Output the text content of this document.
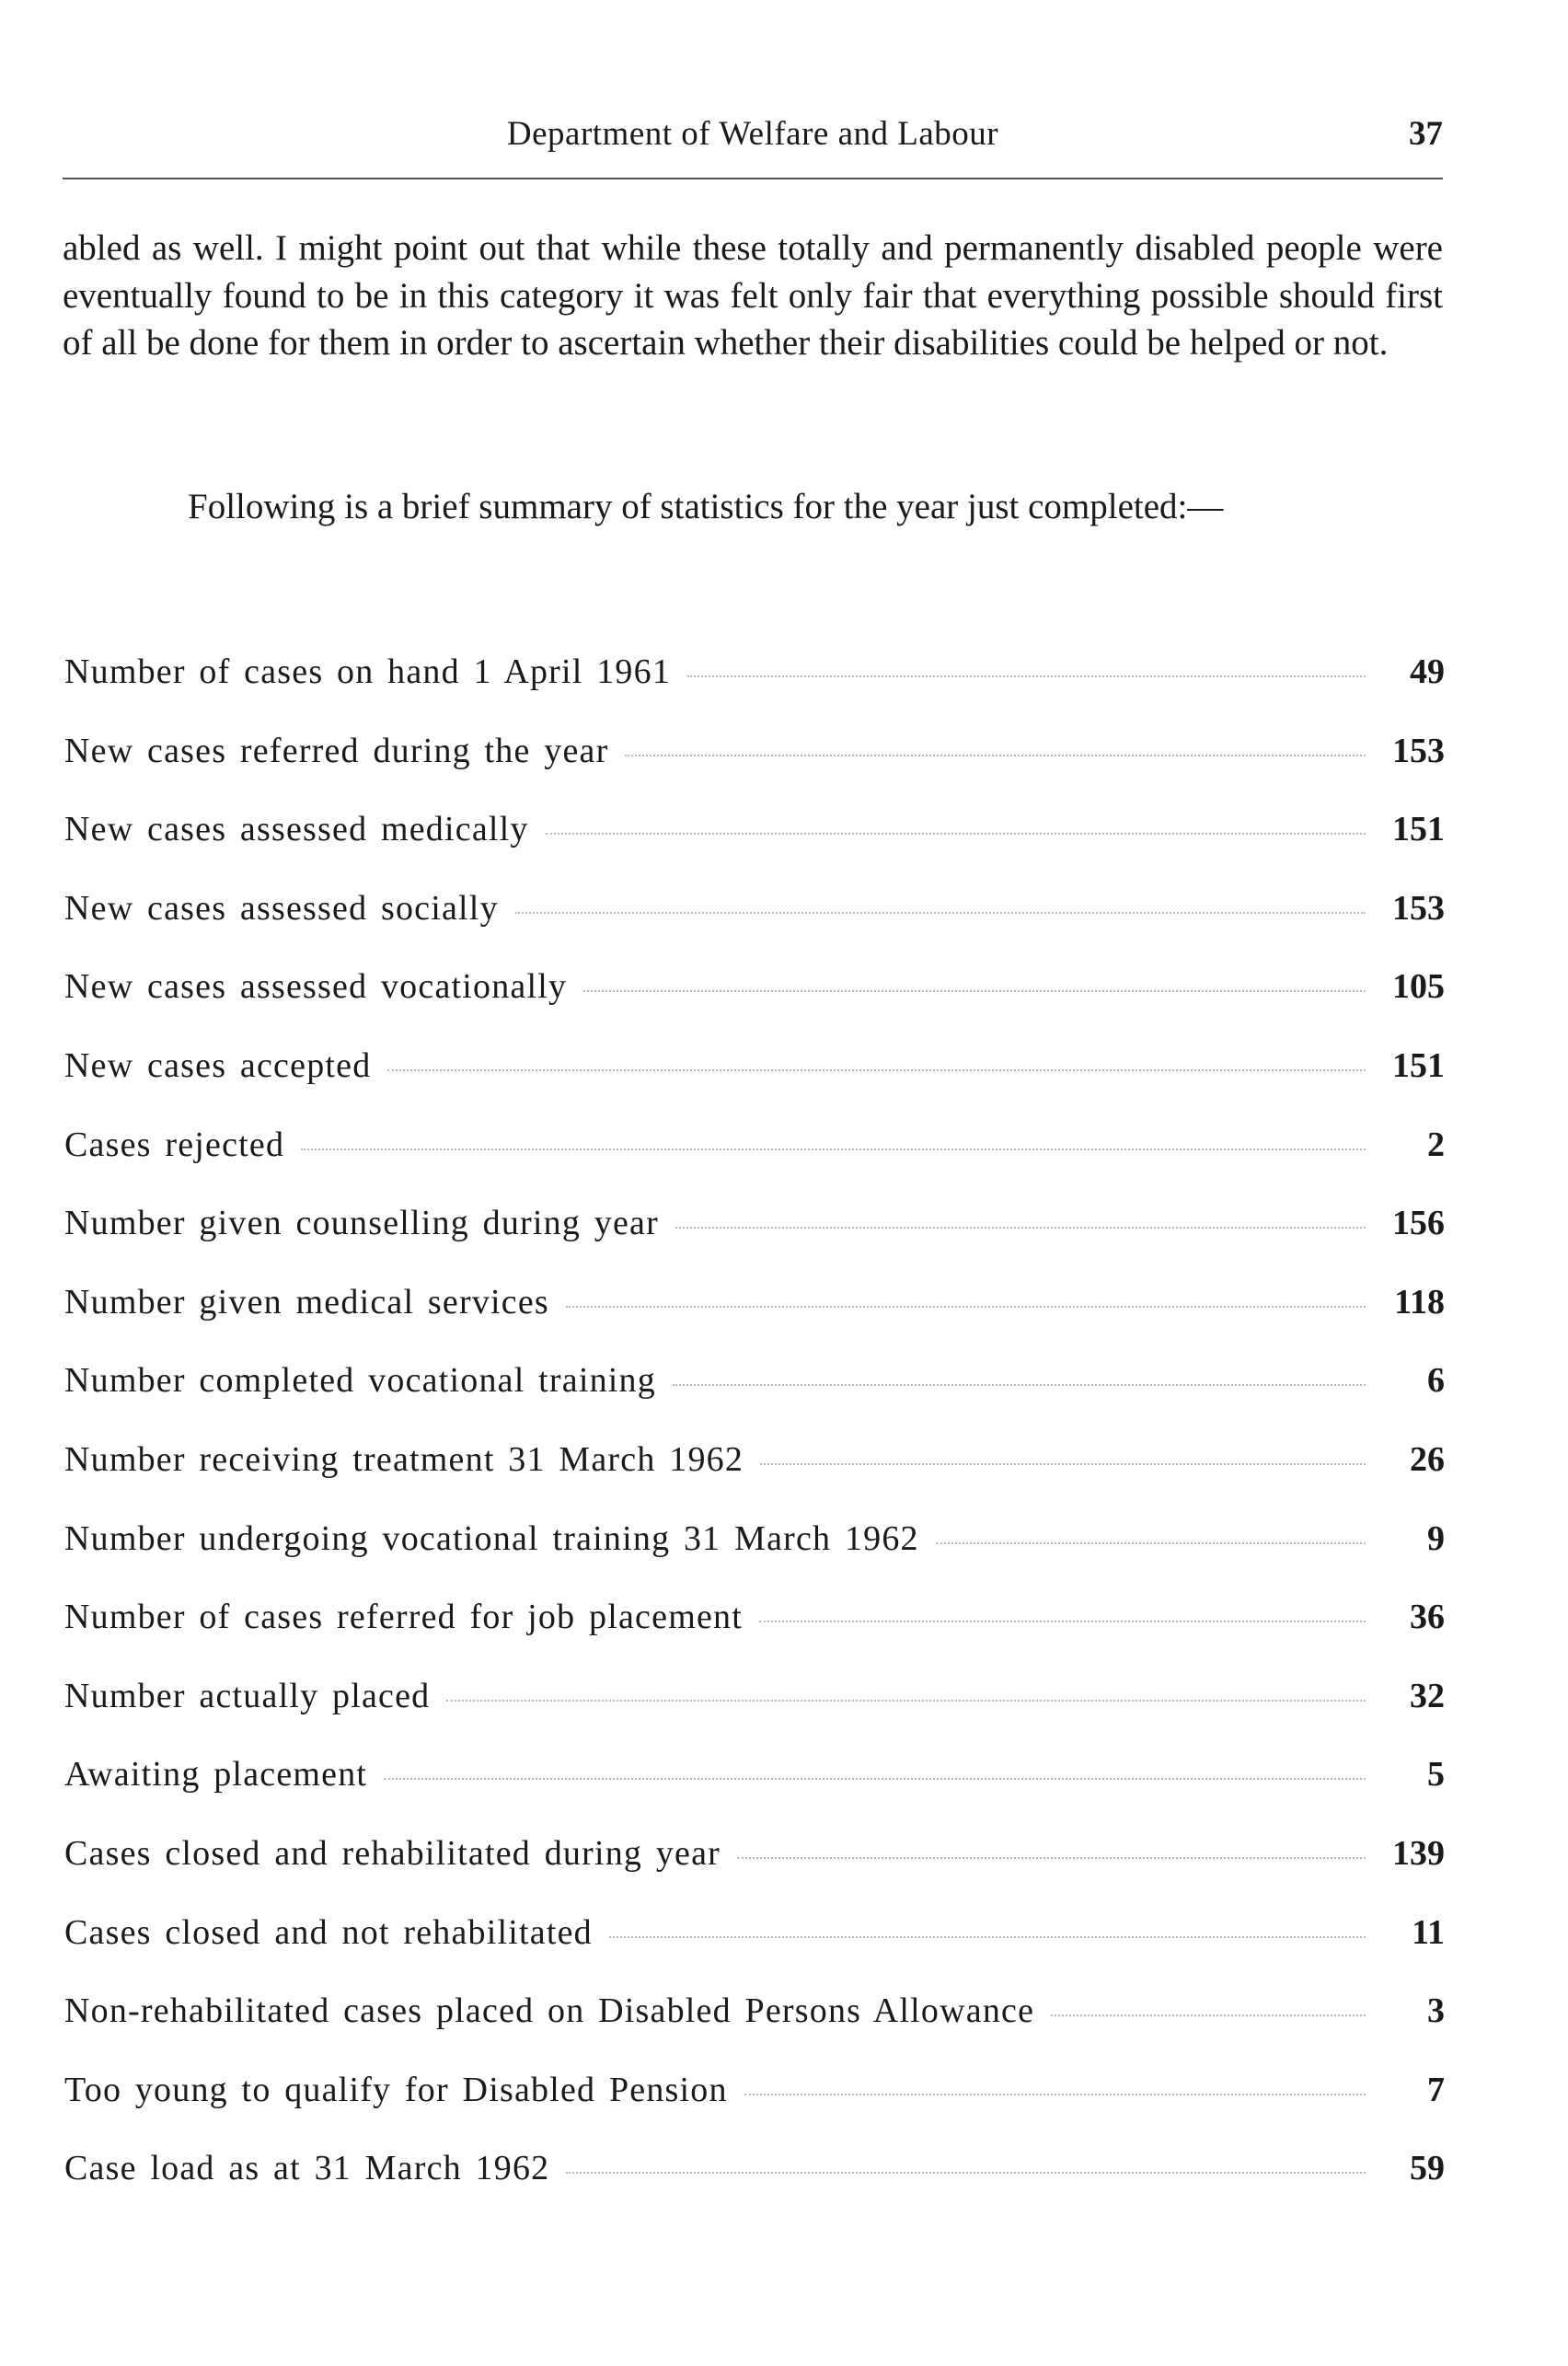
Department of Welfare and Labour	37

abled as well. I might point out that while these totally and permanently disabled people were eventually found to be in this category it was felt only fair that everything possible should first of all be done for them in order to ascertain whether their disabilities could be helped or not.

Following is a brief summary of statistics for the year just completed:—

Number of cases on hand 1 April 1961	49
New cases referred during the year	153
New cases assessed medically	151
New cases assessed socially	153
New cases assessed vocationally	105
New cases accepted	151
Cases rejected	2
Number given counselling during year	156
Number given medical services	118
Number completed vocational training	6
Number receiving treatment 31 March 1962	26
Number undergoing vocational training 31 March 1962	9
Number of cases referred for job placement	36
Number actually placed	32
Awaiting placement	5
Cases closed and rehabilitated during year	139
Cases closed and not rehabilitated	11
Non-rehabilitated cases placed on Disabled Persons Allowance	3
Too young to qualify for Disabled Pension	7
Case load as at 31 March 1962	59
